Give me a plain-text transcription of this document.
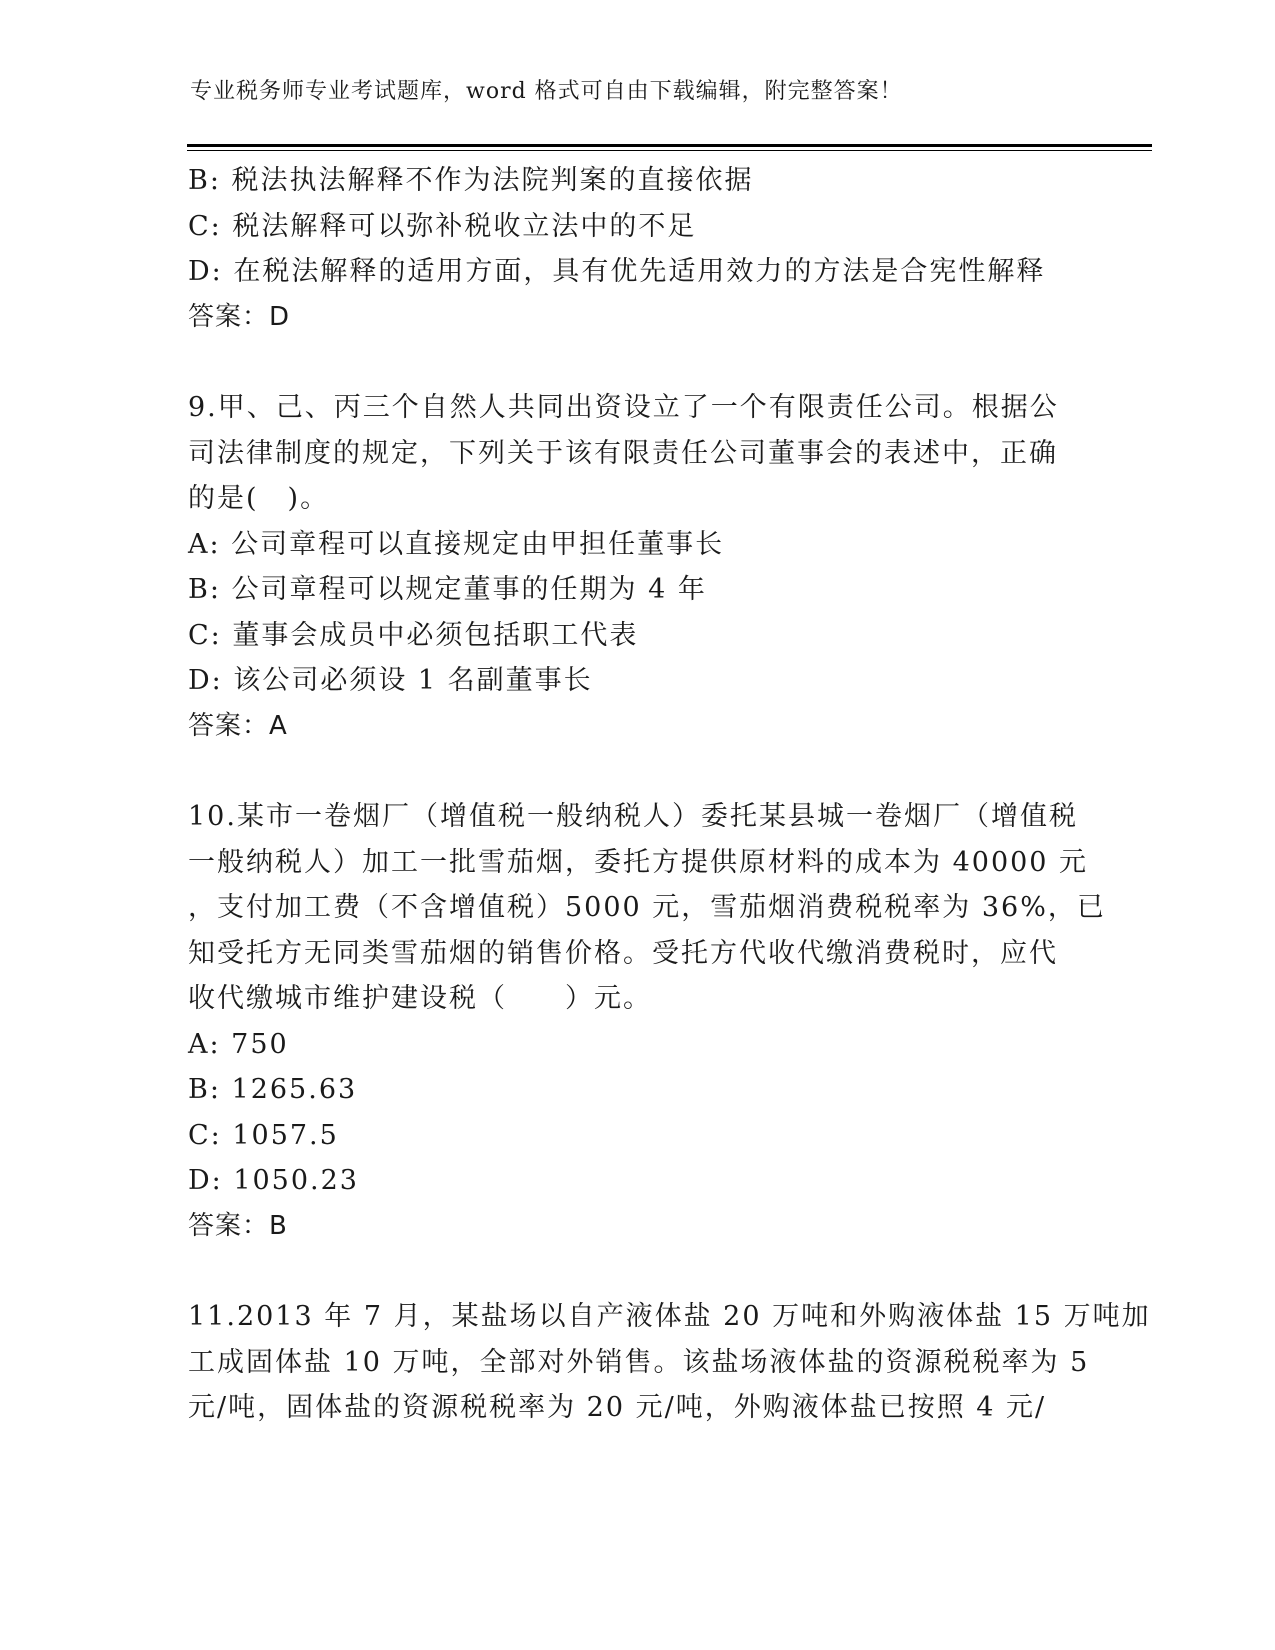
专业税务师专业考试题库，word 格式可自由下载编辑，附完整答案！
B: 税法执法解释不作为法院判案的直接依据
C: 税法解释可以弥补税收立法中的不足
D: 在税法解释的适用方面，具有优先适用效力的方法是合宪性解释
答案：D
9.甲、己、丙三个自然人共同出资设立了一个有限责任公司。根据公
司法律制度的规定，下列关于该有限责任公司董事会的表述中，正确
的是(　)。
A: 公司章程可以直接规定由甲担任董事长
B: 公司章程可以规定董事的任期为 4 年
C: 董事会成员中必须包括职工代表
D: 该公司必须设 1 名副董事长
答案：A
10.某市一卷烟厂（增值税一般纳税人）委托某县城一卷烟厂（增值税
一般纳税人）加工一批雪茄烟，委托方提供原材料的成本为 40000 元
，支付加工费（不含增值税）5000 元，雪茄烟消费税税率为 36%，已
知受托方无同类雪茄烟的销售价格。受托方代收代缴消费税时，应代
收代缴城市维护建设税（　　）元。
A: 750
B: 1265.63
C: 1057.5
D: 1050.23
答案：B
11.2013 年 7 月，某盐场以自产液体盐 20 万吨和外购液体盐 15 万吨加
工成固体盐 10 万吨，全部对外销售。该盐场液体盐的资源税税率为 5
元/吨，固体盐的资源税税率为 20 元/吨，外购液体盐已按照 4 元/
